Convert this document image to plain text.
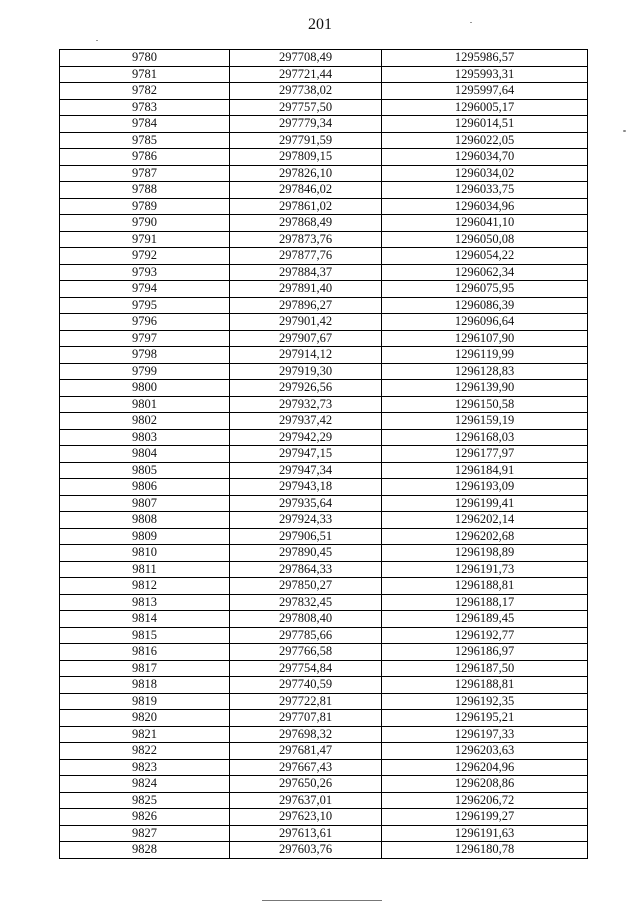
201
9780	297708,49	1295986,57
9781	297721,44	1295993,31
9782	297738,02	1295997,64
9783	297757,50	1296005,17
9784	297779,34	1296014,51
9785	297791,59	1296022,05
9786	297809,15	1296034,70
9787	297826,10	1296034,02
9788	297846,02	1296033,75
9789	297861,02	1296034,96
9790	297868,49	1296041,10
9791	297873,76	1296050,08
9792	297877,76	1296054,22
9793	297884,37	1296062,34
9794	297891,40	1296075,95
9795	297896,27	1296086,39
9796	297901,42	1296096,64
9797	297907,67	1296107,90
9798	297914,12	1296119,99
9799	297919,30	1296128,83
9800	297926,56	1296139,90
9801	297932,73	1296150,58
9802	297937,42	1296159,19
9803	297942,29	1296168,03
9804	297947,15	1296177,97
9805	297947,34	1296184,91
9806	297943,18	1296193,09
9807	297935,64	1296199,41
9808	297924,33	1296202,14
9809	297906,51	1296202,68
9810	297890,45	1296198,89
9811	297864,33	1296191,73
9812	297850,27	1296188,81
9813	297832,45	1296188,17
9814	297808,40	1296189,45
9815	297785,66	1296192,77
9816	297766,58	1296186,97
9817	297754,84	1296187,50
9818	297740,59	1296188,81
9819	297722,81	1296192,35
9820	297707,81	1296195,21
9821	297698,32	1296197,33
9822	297681,47	1296203,63
9823	297667,43	1296204,96
9824	297650,26	1296208,86
9825	297637,01	1296206,72
9826	297623,10	1296199,27
9827	297613,61	1296191,63
9828	297603,76	1296180,78
